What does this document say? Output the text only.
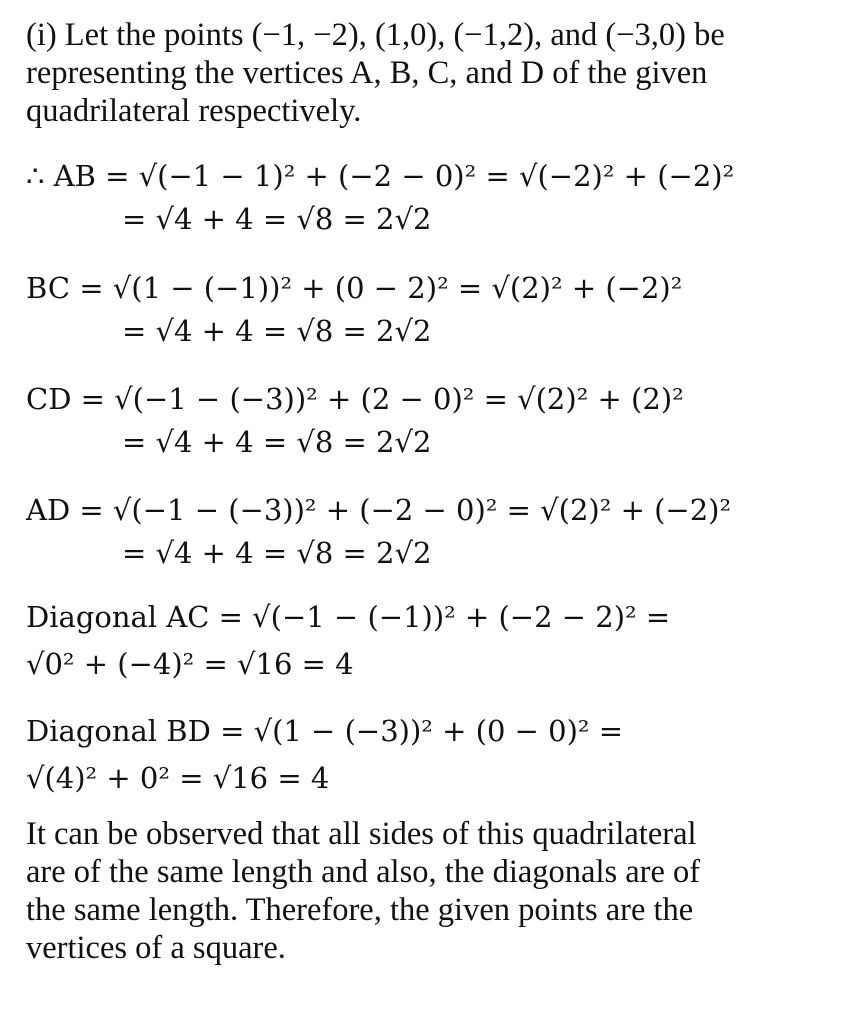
(i) Let the points (−1, −2), (1,0), (−1,2), and (−3,0) be
representing the vertices A, B, C, and D of the given
quadrilateral respectively.
∴ AB = √(−1 − 1)² + (−2 − 0)² = √(−2)² + (−2)²
= √4 + 4 = √8 = 2√2
BC = √(1 − (−1))² + (0 − 2)² = √(2)² + (−2)²
= √4 + 4 = √8 = 2√2
CD = √(−1 − (−3))² + (2 − 0)² = √(2)² + (2)²
= √4 + 4 = √8 = 2√2
AD = √(−1 − (−3))² + (−2 − 0)² = √(2)² + (−2)²
= √4 + 4 = √8 = 2√2
Diagonal AC = √(−1 − (−1))² + (−2 − 2)² =
√0² + (−4)² = √16 = 4
Diagonal BD = √(1 − (−3))² + (0 − 0)² =
√(4)² + 0² = √16 = 4
It can be observed that all sides of this quadrilateral
are of the same length and also, the diagonals are of
the same length. Therefore, the given points are the
vertices of a square.
